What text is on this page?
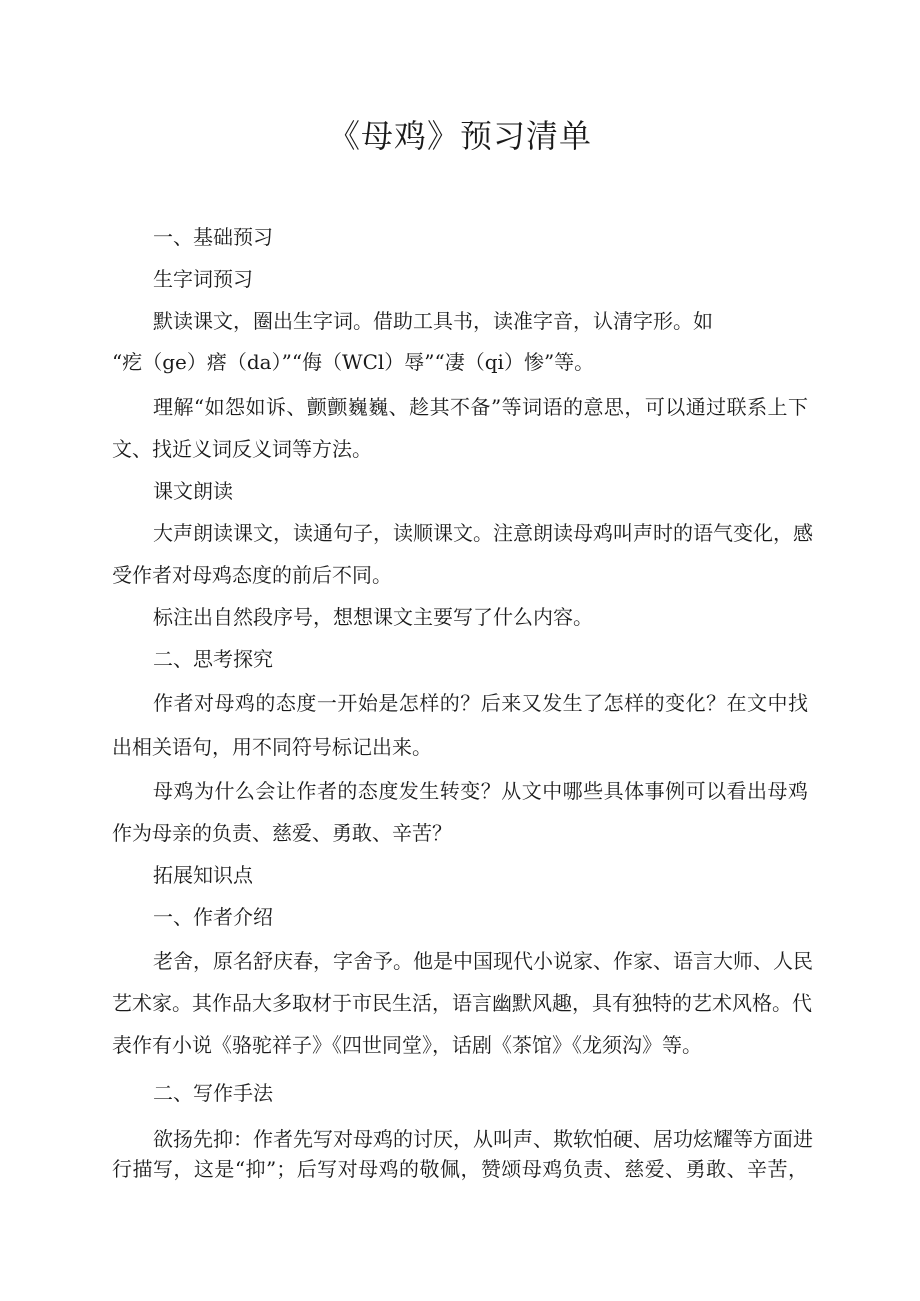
《母鸡》预习清单
一、基础预习
生字词预习
默读课文，圈出生字词。借助工具书，读准字音，认清字形。如
“疙（ge）瘩（da）”“侮（WCl）辱”“凄（qi）惨”等。
理解“如怨如诉、颤颤巍巍、趁其不备”等词语的意思，可以通过联系上下
文、找近义词反义词等方法。
课文朗读
大声朗读课文，读通句子，读顺课文。注意朗读母鸡叫声时的语气变化，感
受作者对母鸡态度的前后不同。
标注出自然段序号，想想课文主要写了什么内容。
二、思考探究
作者对母鸡的态度一开始是怎样的？后来又发生了怎样的变化？在文中找
出相关语句，用不同符号标记出来。
母鸡为什么会让作者的态度发生转变？从文中哪些具体事例可以看出母鸡
作为母亲的负责、慈爱、勇敢、辛苦？
拓展知识点
一、作者介绍
老舍，原名舒庆春，字舍予。他是中国现代小说家、作家、语言大师、人民
艺术家。其作品大多取材于市民生活，语言幽默风趣，具有独特的艺术风格。代
表作有小说《骆驼祥子》《四世同堂》，话剧《茶馆》《龙须沟》等。
二、写作手法
欲扬先抑：作者先写对母鸡的讨厌，从叫声、欺软怕硬、居功炫耀等方面进
行描写，这是“抑”；后写对母鸡的敬佩，赞颂母鸡负责、慈爱、勇敢、辛苦，
